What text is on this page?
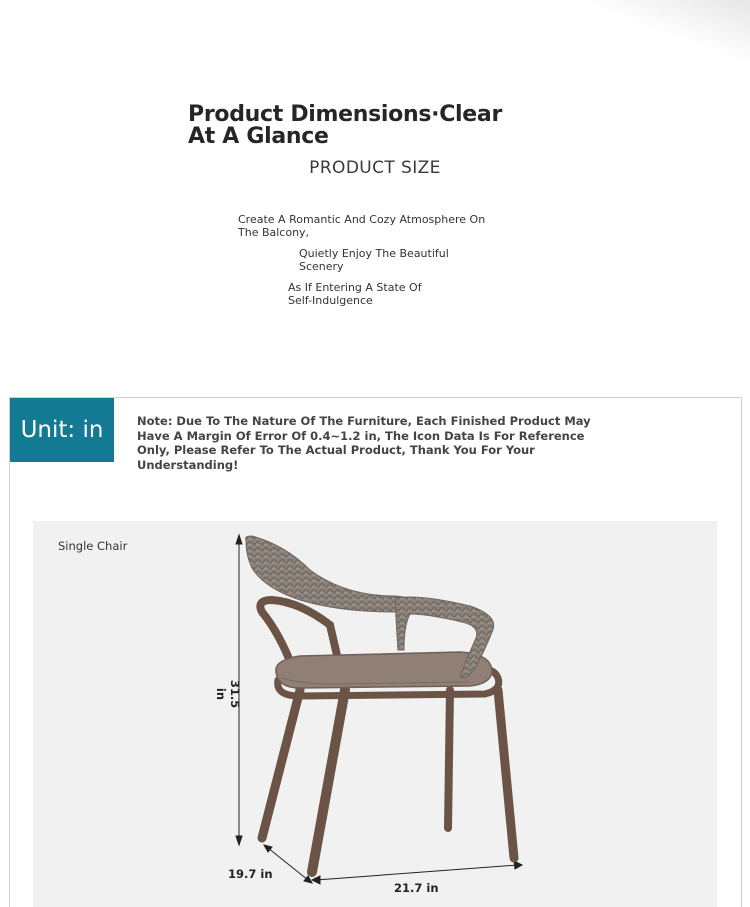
Product Dimensions·Clear At A Glance
PRODUCT SIZE
Create A Romantic And Cozy Atmosphere On The Balcony,
Quietly Enjoy The Beautiful Scenery
As If Entering A State Of Self-Indulgence
Unit: in	Note: Due To The Nature Of The Furniture, Each Finished Product May Have A Margin Of Error Of 0.4~1.2 in, The Icon Data Is For Reference Only, Please Refer To The Actual Product, Thank You For Your Understanding!
Single Chair
31.5 in
19.7 in
21.7 in
